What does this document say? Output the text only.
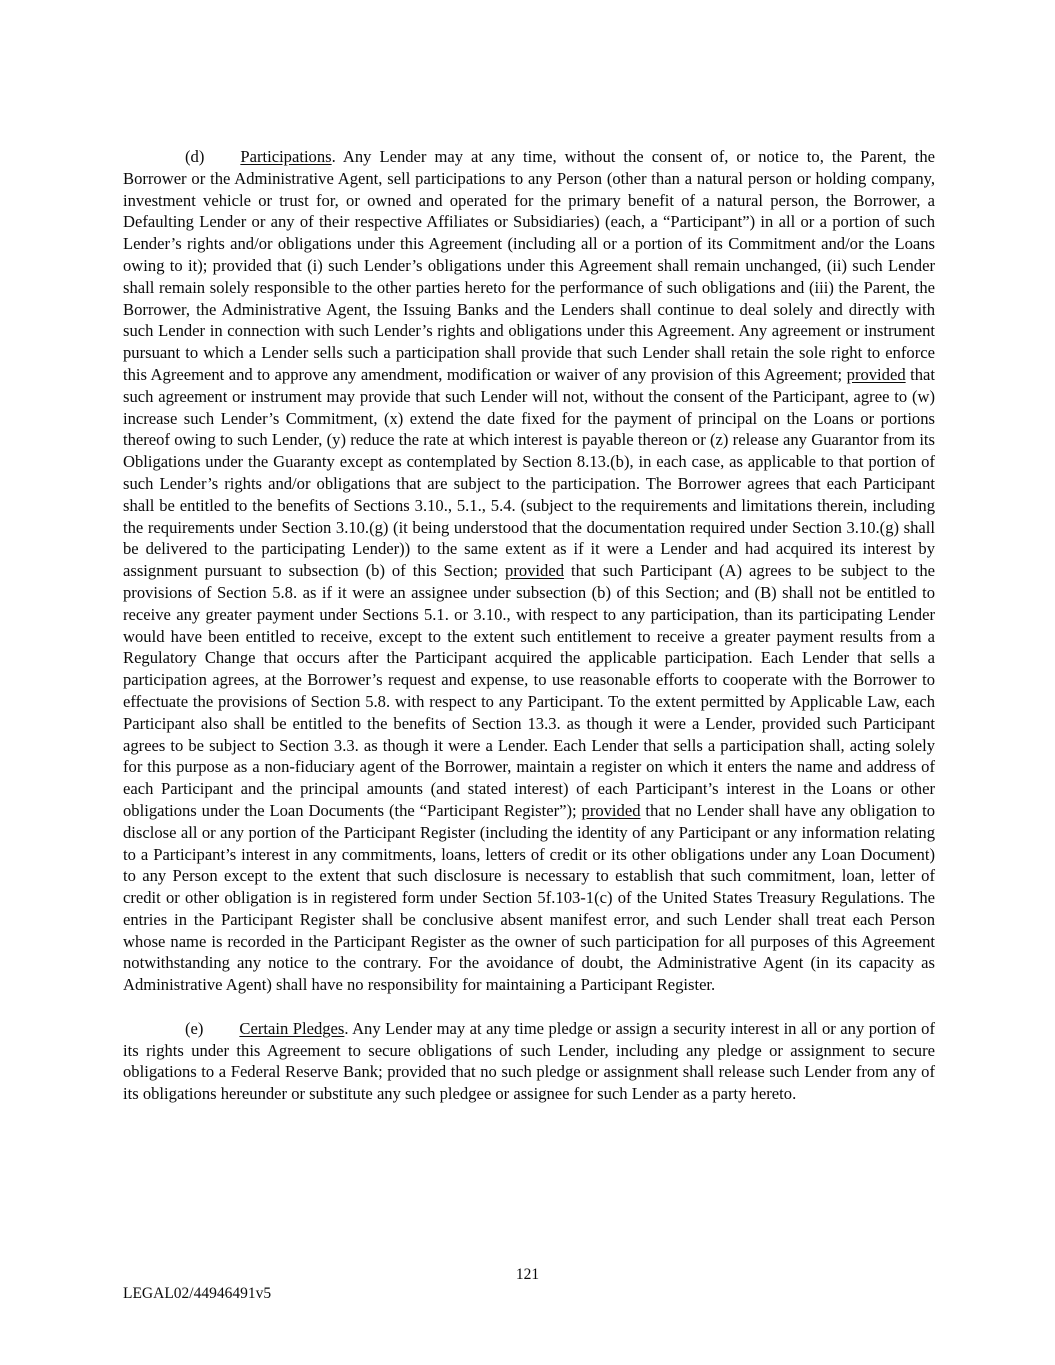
(d) Participations. Any Lender may at any time, without the consent of, or notice to, the Parent, the Borrower or the Administrative Agent, sell participations to any Person (other than a natural person or holding company, investment vehicle or trust for, or owned and operated for the primary benefit of a natural person, the Borrower, a Defaulting Lender or any of their respective Affiliates or Subsidiaries) (each, a “Participant”) in all or a portion of such Lender’s rights and/or obligations under this Agreement (including all or a portion of its Commitment and/or the Loans owing to it); provided that (i) such Lender’s obligations under this Agreement shall remain unchanged, (ii) such Lender shall remain solely responsible to the other parties hereto for the performance of such obligations and (iii) the Parent, the Borrower, the Administrative Agent, the Issuing Banks and the Lenders shall continue to deal solely and directly with such Lender in connection with such Lender’s rights and obligations under this Agreement. Any agreement or instrument pursuant to which a Lender sells such a participation shall provide that such Lender shall retain the sole right to enforce this Agreement and to approve any amendment, modification or waiver of any provision of this Agreement; provided that such agreement or instrument may provide that such Lender will not, without the consent of the Participant, agree to (w) increase such Lender’s Commitment, (x) extend the date fixed for the payment of principal on the Loans or portions thereof owing to such Lender, (y) reduce the rate at which interest is payable thereon or (z) release any Guarantor from its Obligations under the Guaranty except as contemplated by Section 8.13.(b), in each case, as applicable to that portion of such Lender’s rights and/or obligations that are subject to the participation. The Borrower agrees that each Participant shall be entitled to the benefits of Sections 3.10., 5.1., 5.4. (subject to the requirements and limitations therein, including the requirements under Section 3.10.(g) (it being understood that the documentation required under Section 3.10.(g) shall be delivered to the participating Lender)) to the same extent as if it were a Lender and had acquired its interest by assignment pursuant to subsection (b) of this Section; provided that such Participant (A) agrees to be subject to the provisions of Section 5.8. as if it were an assignee under subsection (b) of this Section; and (B) shall not be entitled to receive any greater payment under Sections 5.1. or 3.10., with respect to any participation, than its participating Lender would have been entitled to receive, except to the extent such entitlement to receive a greater payment results from a Regulatory Change that occurs after the Participant acquired the applicable participation. Each Lender that sells a participation agrees, at the Borrower’s request and expense, to use reasonable efforts to cooperate with the Borrower to effectuate the provisions of Section 5.8. with respect to any Participant. To the extent permitted by Applicable Law, each Participant also shall be entitled to the benefits of Section 13.3. as though it were a Lender, provided such Participant agrees to be subject to Section 3.3. as though it were a Lender. Each Lender that sells a participation shall, acting solely for this purpose as a non-fiduciary agent of the Borrower, maintain a register on which it enters the name and address of each Participant and the principal amounts (and stated interest) of each Participant’s interest in the Loans or other obligations under the Loan Documents (the “Participant Register”); provided that no Lender shall have any obligation to disclose all or any portion of the Participant Register (including the identity of any Participant or any information relating to a Participant’s interest in any commitments, loans, letters of credit or its other obligations under any Loan Document) to any Person except to the extent that such disclosure is necessary to establish that such commitment, loan, letter of credit or other obligation is in registered form under Section 5f.103-1(c) of the United States Treasury Regulations. The entries in the Participant Register shall be conclusive absent manifest error, and such Lender shall treat each Person whose name is recorded in the Participant Register as the owner of such participation for all purposes of this Agreement notwithstanding any notice to the contrary. For the avoidance of doubt, the Administrative Agent (in its capacity as Administrative Agent) shall have no responsibility for maintaining a Participant Register.

(e) Certain Pledges. Any Lender may at any time pledge or assign a security interest in all or any portion of its rights under this Agreement to secure obligations of such Lender, including any pledge or assignment to secure obligations to a Federal Reserve Bank; provided that no such pledge or assignment shall release such Lender from any of its obligations hereunder or substitute any such pledgee or assignee for such Lender as a party hereto.

121
LEGAL02/44946491v5
